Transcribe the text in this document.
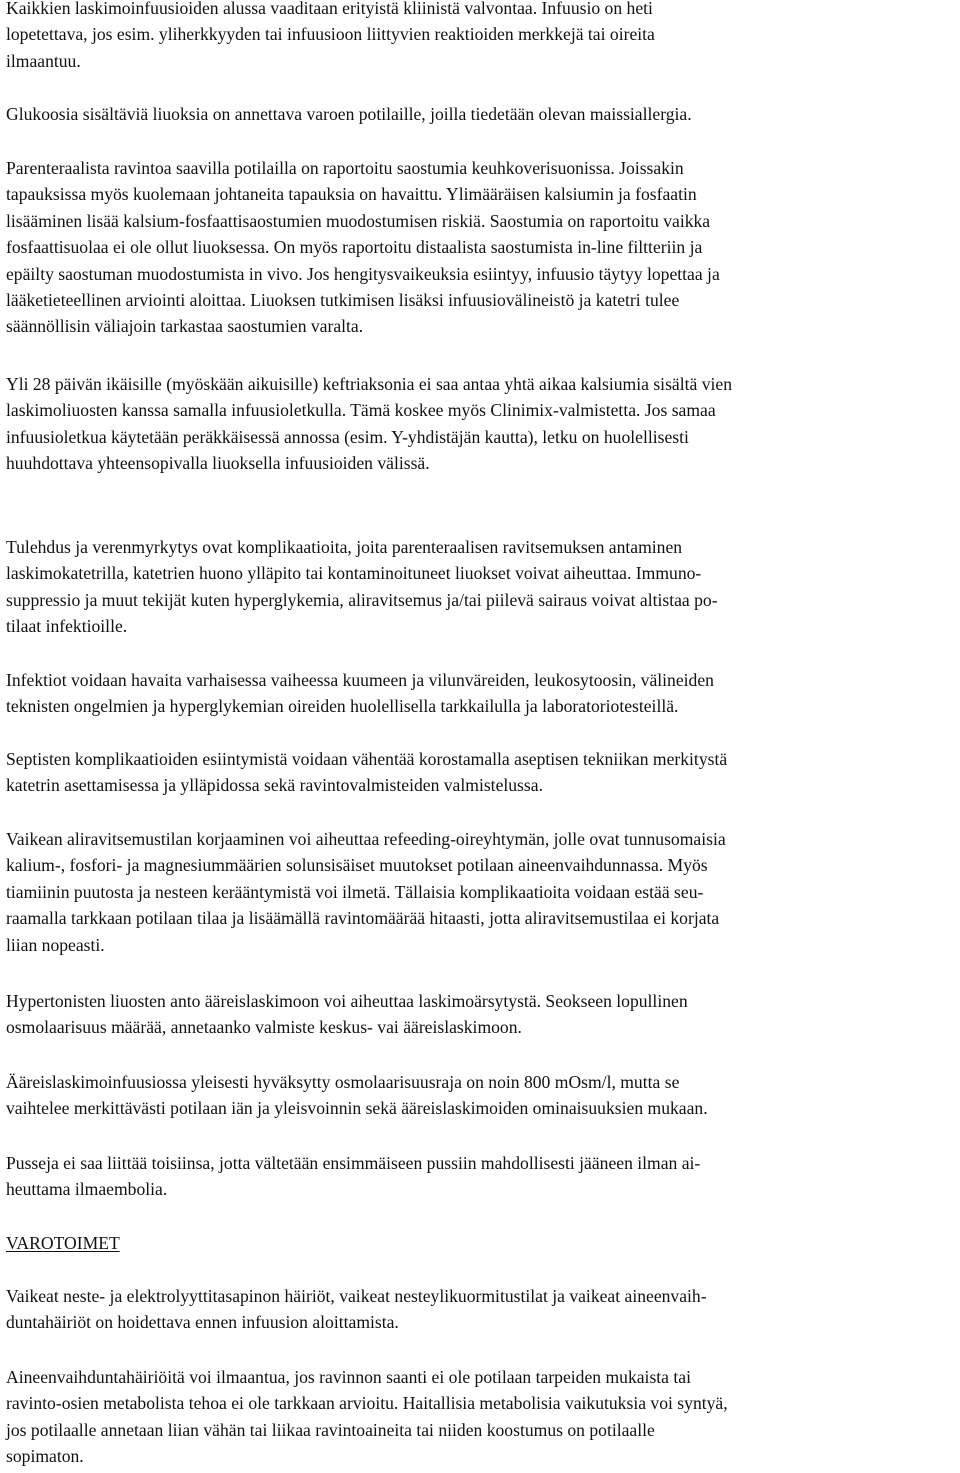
Kaikkien laskimoinfuusioiden alussa vaaditaan erityistä kliinistä valvontaa. Infuusio on heti
lopetettava, jos esim. yliherkkyyden tai infuusioon liittyvien reaktioiden merkkejä tai oireita
ilmaantuu.

Glukoosia sisältäviä liuoksia on annettava varoen potilaille, joilla tiedetään olevan maissiallergia.

Parenteraalista ravintoa saavilla potilailla on raportoitu saostumia keuhkoverisuonissa. Joissakin
tapauksissa myös kuolemaan johtaneita tapauksia on havaittu. Ylimääräisen kalsiumin ja fosfaatin
lisääminen lisää kalsium-fosfaattisaostumien muodostumisen riskiä. Saostumia on raportoitu vaikka
fosfaattisuolaa ei ole ollut liuoksessa. On myös raportoitu distaalista saostumista in-line filtteriin ja
epäilty saostuman muodostumista in vivo. Jos hengitysvaikeuksia esiintyy, infuusio täytyy lopettaa ja
lääketieteellinen arviointi aloittaa. Liuoksen tutkimisen lisäksi infuusiovälineistö ja katetri tulee
säännöllisin väliajoin tarkastaa saostumien varalta.

Yli 28 päivän ikäisille (myöskään aikuisille) keftriaksonia ei saa antaa yhtä aikaa kalsiumia sisältä vien
laskimoliuosten kanssa samalla infuusioletkulla. Tämä koskee myös Clinimix-valmistetta. Jos samaa
infuusioletkua käytetään peräkkäisessä annossa (esim. Y-yhdistäjän kautta), letku on huolellisesti
huuhdottava yhteensopivalla liuoksella infuusioiden välissä.

Tulehdus ja verenmyrkytys ovat komplikaatioita, joita parenteraalisen ravitsemuksen antaminen
laskimokatetrilla, katetrien huono ylläpito tai kontaminoituneet liuokset voivat aiheuttaa. Immuno-
suppressio ja muut tekijät kuten hyperglykemia, aliravitsemus ja/tai piilevä sairaus voivat altistaa po-
tilaat infektioille.

Infektiot voidaan havaita varhaisessa vaiheessa kuumeen ja vilunväreiden, leukosytoosin, välineiden
teknisten ongelmien ja hyperglykemian oireiden huolellisella tarkkailulla ja laboratoriotesteillä.

Septisten komplikaatioiden esiintymistä voidaan vähentää korostamalla aseptisen tekniikan merkitystä
katetrin asettamisessa ja ylläpidossa sekä ravintovalmisteiden valmistelussa.

Vaikean aliravitsemustilan korjaaminen voi aiheuttaa refeeding-oireyhtymän, jolle ovat tunnusomaisia
kalium-, fosfori- ja magnesiummäärien solunsisäiset muutokset potilaan aineenvaihdunnassa. Myös
tiamiinin puutosta ja nesteen kerääntymistä voi ilmetä. Tällaisia komplikaatioita voidaan estää seu-
raamalla tarkkaan potilaan tilaa ja lisäämällä ravintomäärää hitaasti, jotta aliravitsemustilaa ei korjata
liian nopeasti.

Hypertonisten liuosten anto ääreislaskimoon voi aiheuttaa laskimoärsytystä. Seokseen lopullinen
osmolaarisuus määrää, annetaanko valmiste keskus- vai ääreislaskimoon.

Ääreislaskimoinfuusiossa yleisesti hyväksytty osmolaarisuusraja on noin 800 mOsm/l, mutta se
vaihtelee merkittävästi potilaan iän ja yleisvoinnin sekä ääreislaskimoiden ominaisuuksien mukaan.

Pusseja ei saa liittää toisiinsa, jotta vältetään ensimmäiseen pussiin mahdollisesti jääneen ilman ai-
heuttama ilmaembolia.

VAROTOIMET

Vaikeat neste- ja elektrolyyttitasapinon häiriöt, vaikeat nesteylikuormitustilat ja vaikeat aineenvaih-
duntahäiriöt on hoidettava ennen infuusion aloittamista.

Aineenvaihduntahäiriöitä voi ilmaantua, jos ravinnon saanti ei ole potilaan tarpeiden mukaista tai
ravinto-osien metabolista tehoa ei ole tarkkaan arvioitu. Haitallisia metabolisia vaikutuksia voi syntyä,
jos potilaalle annetaan liian vähän tai liikaa ravintoaineita tai niiden koostumus on potilaalle
sopimaton.
